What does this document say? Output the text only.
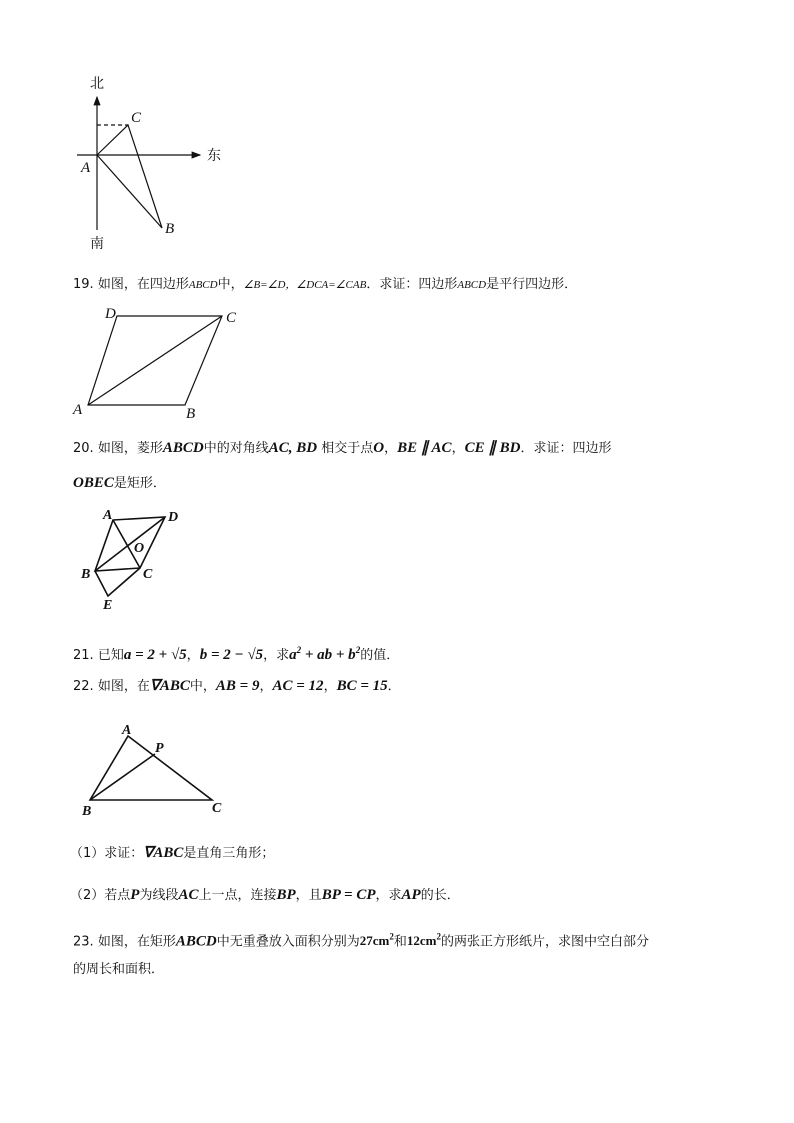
北
东
南
A
C
B
A	B
C
D
A	D
B	C
E
O
A
P
B	C
19. 如图，在四边形ABCD中，∠B=∠D，∠DCA=∠CAB．求证：四边形ABCD是平行四边形．
20. 如图，菱形ABCD中的对角线AC, BD 相交于点O，BE ∥ AC，CE ∥ BD．求证：四边形
OBEC是矩形．
21. 已知a = 2 + √5，b = 2 − √5，求$a^2$ + ab + $b^2$的值．
22. 如图，在∇ABC中，AB = 9，AC = 12，BC = 15．
（1）求证：∇ABC是直角三角形；
（2）若点P为线段AC上一点，连接BP，且BP = CP，求AP的长．
23. 如图，在矩形ABCD中无重叠放入面积分别为$27cm^2$和$12cm^2$的两张正方形纸片，求图中空白部分
的周长和面积．
